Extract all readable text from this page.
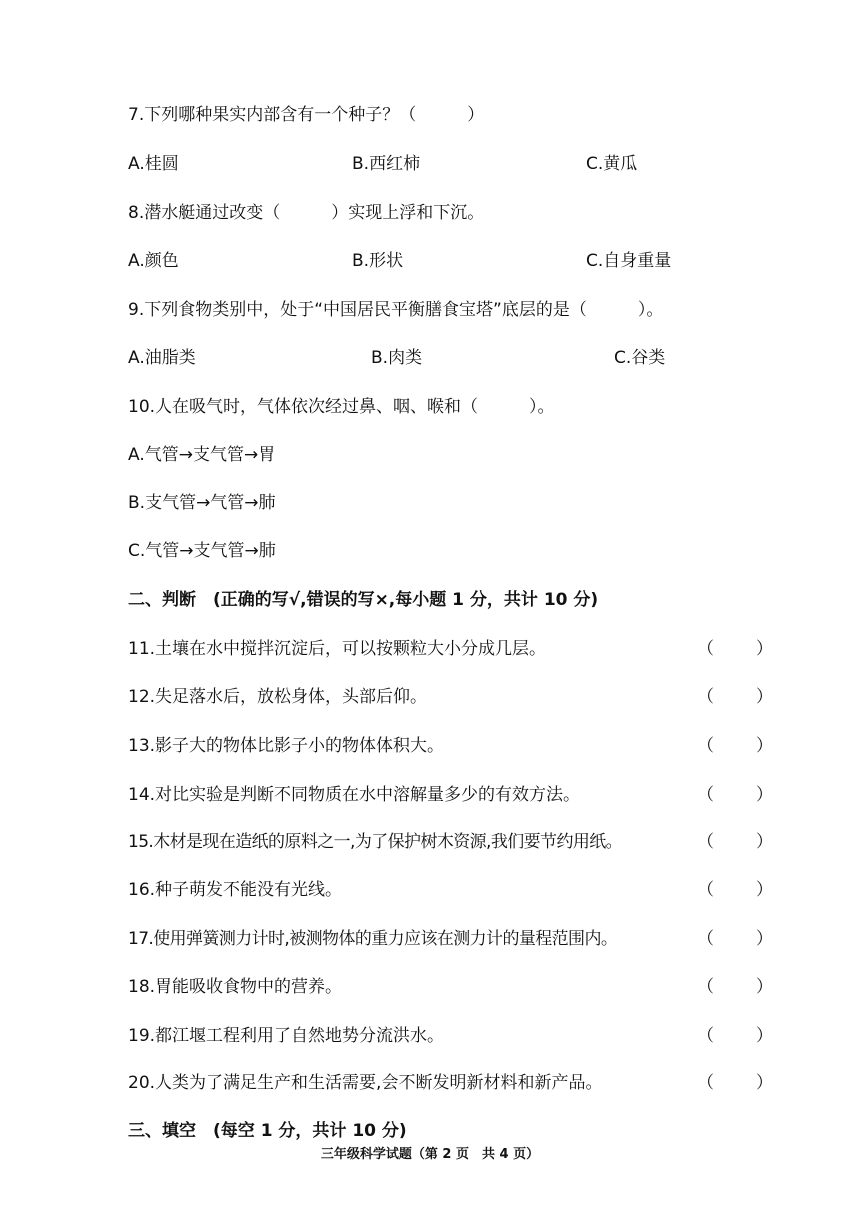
7.下列哪种果实内部含有一个种子？（　　　）
A.桂圆	B.西红柿	C.黄瓜
8.潜水艇通过改变（　　　）实现上浮和下沉。
A.颜色	B.形状	C.自身重量
9.下列食物类别中，处于“中国居民平衡膳食宝塔”底层的是（　　　）。
A.油脂类	B.肉类	C.谷类
10.人在吸气时，气体依次经过鼻、咽、喉和（　　　）。
A.气管→支气管→胃
B.支气管→气管→肺
C.气管→支气管→肺
二、判断　(正确的写√,错误的写×,每小题 1 分，共计 10 分)
11.土壤在水中搅拌沉淀后，可以按颗粒大小分成几层。	（ ）
12.失足落水后，放松身体，头部后仰。	（ ）
13.影子大的物体比影子小的物体体积大。	（ ）
14.对比实验是判断不同物质在水中溶解量多少的有效方法。	（ ）
15.木材是现在造纸的原料之一,为了保护树木资源,我们要节约用纸。	（ ）
16.种子萌发不能没有光线。	（ ）
17.使用弹簧测力计时,被测物体的重力应该在测力计的量程范围内。	（ ）
18.胃能吸收食物中的营养。	（ ）
19.都江堰工程利用了自然地势分流洪水。	（ ）
20.人类为了满足生产和生活需要,会不断发明新材料和新产品。	（ ）
三、填空　(每空 1 分，共计 10 分)
三年级科学试题（第 2 页　共 4 页）
